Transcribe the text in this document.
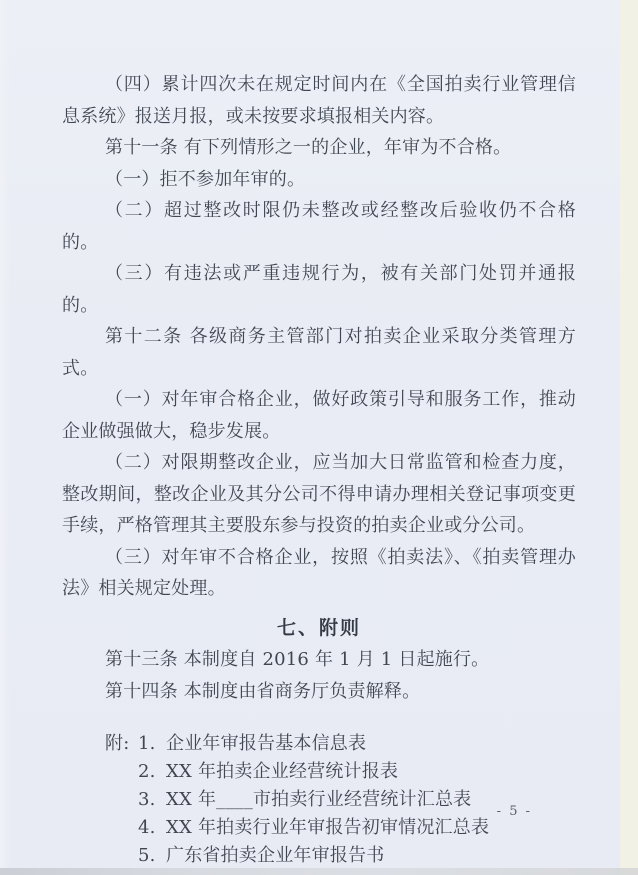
（四）累计四次未在规定时间内在《全国拍卖行业管理信息系统》报送月报，或未按要求填报相关内容。

第十一条 有下列情形之一的企业，年审为不合格。

（一）拒不参加年审的。

（二）超过整改时限仍未整改或经整改后验收仍不合格的。

（三）有违法或严重违规行为，被有关部门处罚并通报的。

第十二条 各级商务主管部门对拍卖企业采取分类管理方式。

（一）对年审合格企业，做好政策引导和服务工作，推动企业做强做大，稳步发展。

（二）对限期整改企业，应当加大日常监管和检查力度，整改期间，整改企业及其分公司不得申请办理相关登记事项变更手续，严格管理其主要股东参与投资的拍卖企业或分公司。

（三）对年审不合格企业，按照《拍卖法》、《拍卖管理办法》相关规定处理。

七、附则

第十三条 本制度自 2016 年 1 月 1 日起施行。

第十四条 本制度由省商务厅负责解释。

附: 1. 企业年审报告基本信息表
2. XX 年拍卖企业经营统计报表
3. XX 年____市拍卖行业经营统计汇总表
4. XX 年拍卖行业年审报告初审情况汇总表
5. 广东省拍卖企业年审报告书
- 5 -
